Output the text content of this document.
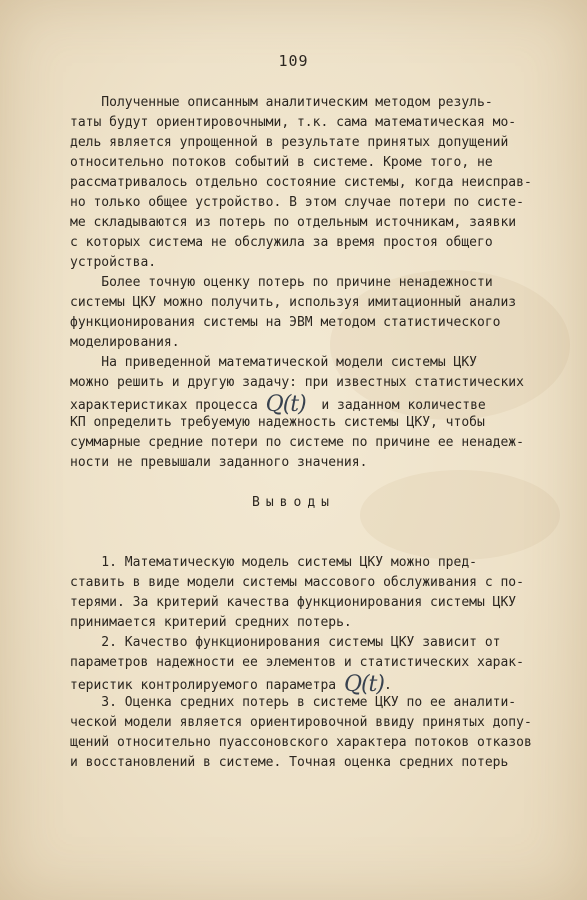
109
Полученные описанным аналитическим методом резуль-
таты будут ориентировочными, т.к. сама математическая мо-
дель является упрощенной в результате принятых допущений
относительно потоков событий в системе. Кроме того, не
рассматривалось отдельно состояние системы, когда неисправ-
но только общее устройство. В этом случае потери по систе-
ме складываются из потерь по отдельным источникам, заявки
с которых система не обслужила за время простоя общего
устройства.
Более точную оценку потерь по причине ненадежности
системы ЦКУ можно получить, используя имитационный анализ
функционирования системы на ЭВМ методом статистического
моделирования.
На приведенной математической модели системы ЦКУ
можно решить и другую задачу: при известных статистических
характеристиках процесса Q(t)  и заданном количестве
КП определить требуемую надежность системы ЦКУ, чтобы
суммарные средние потери по системе по причине ее ненадеж-
ности не превышали заданного значения.
Выводы
1. Математическую модель системы ЦКУ можно пред-
ставить в виде модели системы массового обслуживания с по-
терями. За критерий качества функционирования системы ЦКУ
принимается критерий средних потерь.
2. Качество функционирования системы ЦКУ зависит от
параметров надежности ее элементов и статистических харак-
теристик контролируемого параметра Q(t).
3. Оценка средних потерь в системе ЦКУ по ее аналити-
ческой модели является ориентировочной ввиду принятых допу-
щений относительно пуассоновского характера потоков отказов
и восстановлений в системе. Точная оценка средних потерь
